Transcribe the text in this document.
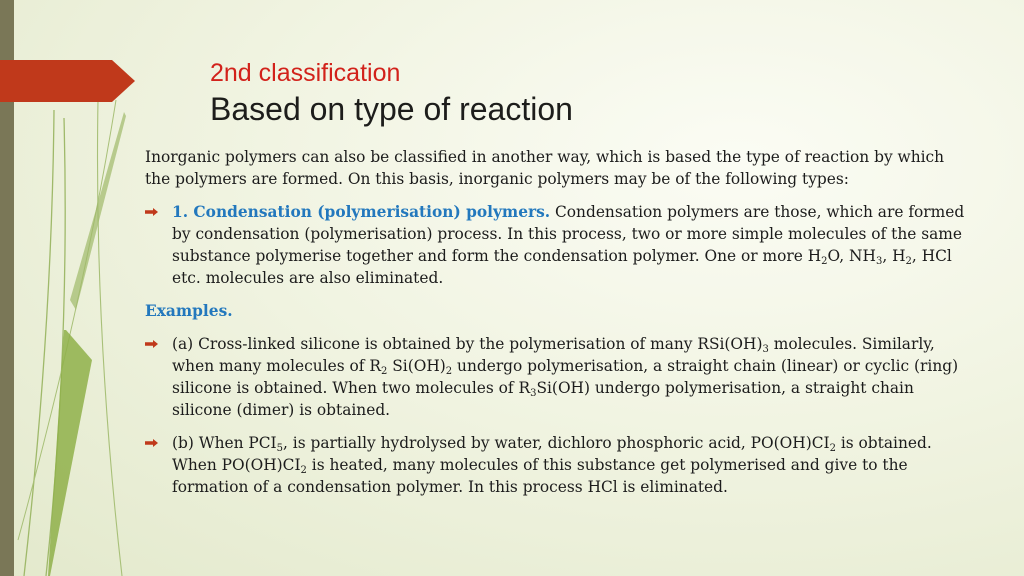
2nd classification
Based on type of reaction

Inorganic polymers can also be classified in another way, which is based the type of reaction by which the polymers are formed. On this basis, inorganic polymers may be of the following types:

1. Condensation (polymerisation) polymers. Condensation polymers are those, which are formed by condensation (polymerisation) process. In this process, two or more simple molecules of the same substance polymerise together and form the condensation polymer. One or more $H_2O$, $NH_3$, $H_2$, HCl etc. molecules are also eliminated.
Examples.
(a) Cross-linked silicone is obtained by the polymerisation of many $RSi(OH)_3$ molecules. Similarly, when many molecules of $R_2$ $Si(OH)_2$ undergo polymerisation, a straight chain (linear) or cyclic (ring) silicone is obtained. When two molecules of $R_3Si(OH)$ undergo polymerisation, a straight chain silicone (dimer) is obtained.
(b) When $PCI_5$, is partially hydrolysed by water, dichloro phosphoric acid, $PO(OH)CI_2$ is obtained. When $PO(OH)CI_2$ is heated, many molecules of this substance get polymerised and give to the formation of a condensation polymer. In this process HCl is eliminated.
